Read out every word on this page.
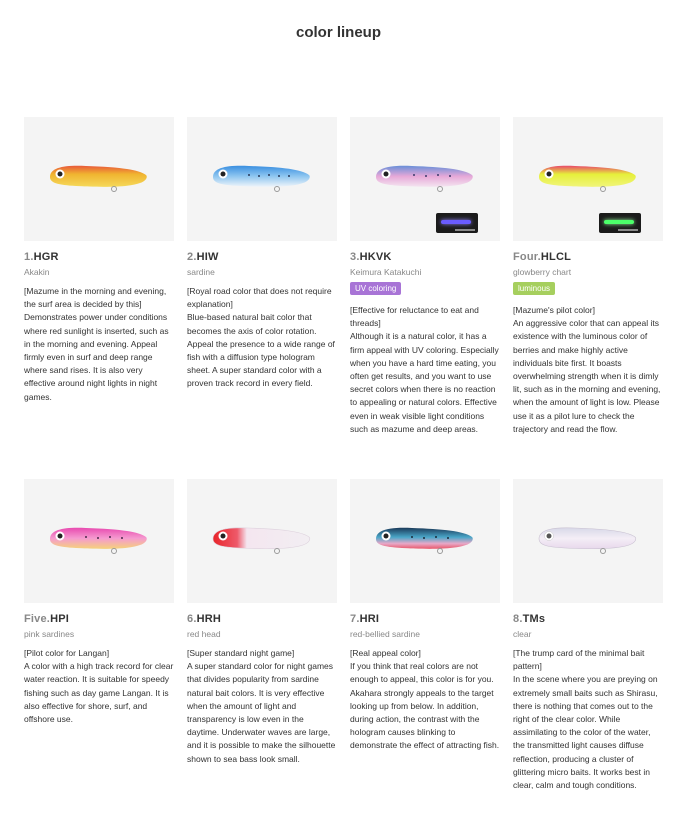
color lineup
1.HGR
Akakin
[Mazume in the morning and evening, the surf area is decided by this]
Demonstrates power under conditions where red sunlight is inserted, such as in the morning and evening. Appeal firmly even in surf and deep range where sand rises. It is also very effective around night lights in night games.
2.HIW
sardine
[Royal road color that does not require explanation]
Blue-based natural bait color that becomes the axis of color rotation. Appeal the presence to a wide range of fish with a diffusion type hologram sheet. A super standard color with a proven track record in every field.
3.HKVK
Keimura Katakuchi
UV coloring
[Effective for reluctance to eat and threads]
Although it is a natural color, it has a firm appeal with UV coloring. Especially when you have a hard time eating, you often get results, and you want to use secret colors when there is no reaction to appealing or natural colors. Effective even in weak visible light conditions such as mazume and deep areas.
Four.HLCL
glowberry chart
luminous
[Mazume's pilot color]
An aggressive color that can appeal its existence with the luminous color of berries and make highly active individuals bite first. It boasts overwhelming strength when it is dimly lit, such as in the morning and evening, when the amount of light is low. Please use it as a pilot lure to check the trajectory and read the flow.
Five.HPI
pink sardines
[Pilot color for Langan]
A color with a high track record for clear water reaction. It is suitable for speedy fishing such as day game Langan. It is also effective for shore, surf, and offshore use.
6.HRH
red head
[Super standard night game]
A super standard color for night games that divides popularity from sardine natural bait colors. It is very effective when the amount of light and transparency is low even in the daytime. Underwater waves are large, and it is possible to make the silhouette shown to sea bass look small.
7.HRI
red-bellied sardine
[Real appeal color]
If you think that real colors are not enough to appeal, this color is for you. Akahara strongly appeals to the target looking up from below. In addition, during action, the contrast with the hologram causes blinking to demonstrate the effect of attracting fish.
8.TMs
clear
[The trump card of the minimal bait pattern]
In the scene where you are preying on extremely small baits such as Shirasu, there is nothing that comes out to the right of the clear color. While assimilating to the color of the water, the transmitted light causes diffuse reflection, producing a cluster of glittering micro baits. It works best in clear, calm and tough conditions.
